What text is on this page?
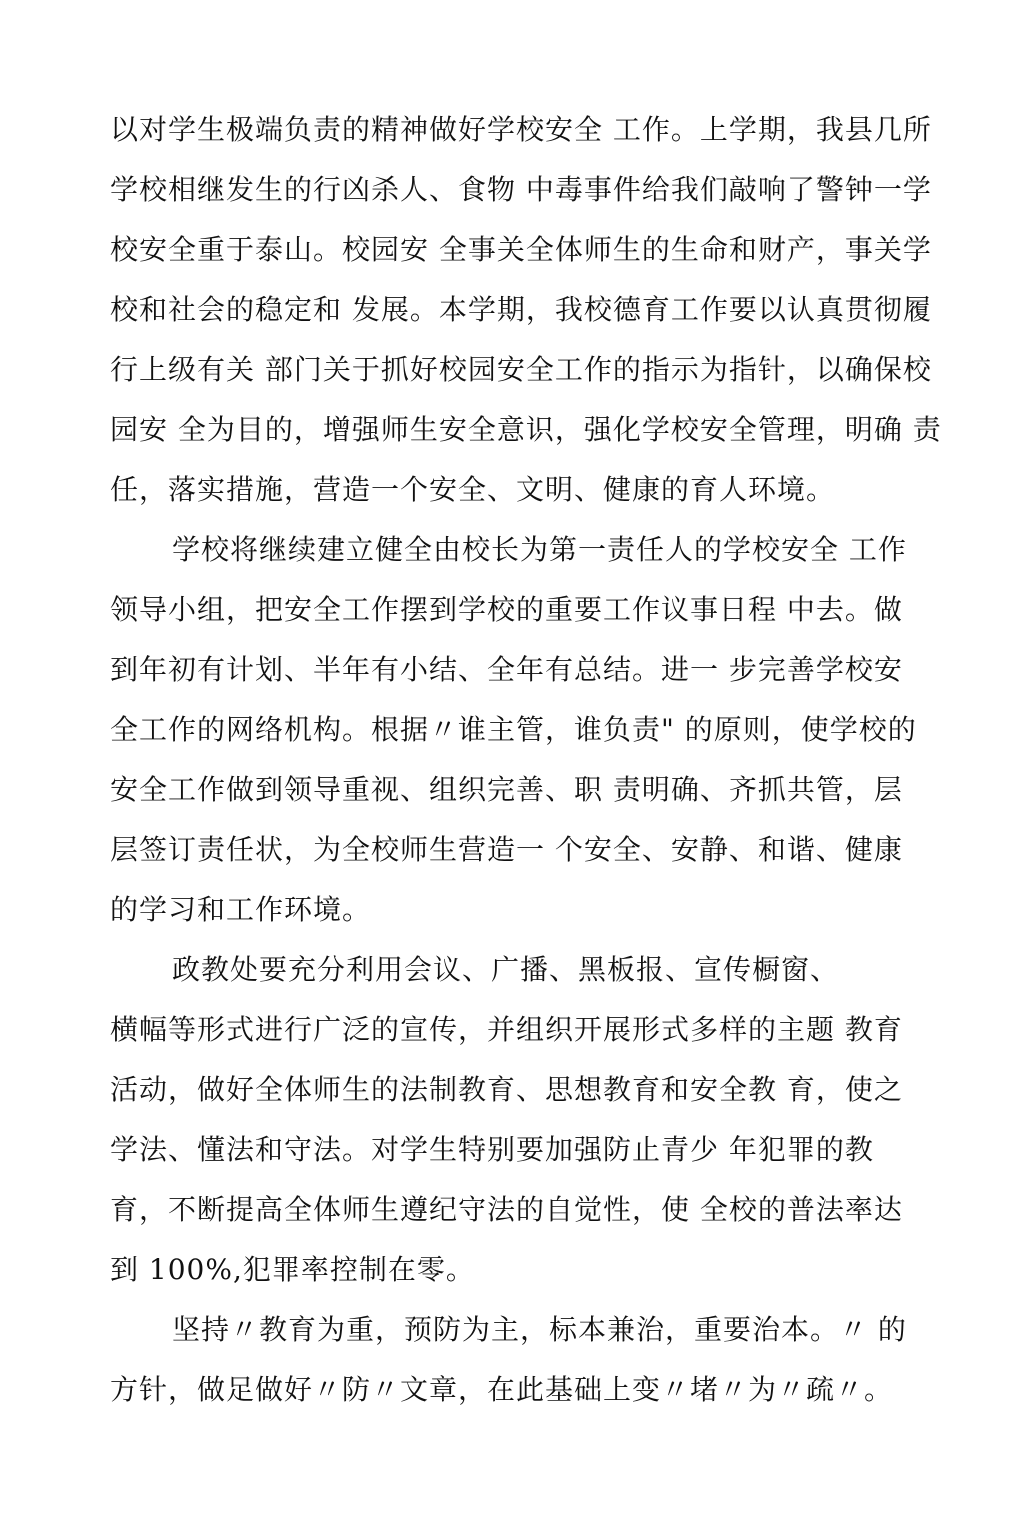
以对学生极端负责的精神做好学校安全 工作。上学期，我县几所
学校相继发生的行凶杀人、食物 中毒事件给我们敲响了警钟一学
校安全重于泰山。校园安 全事关全体师生的生命和财产，事关学
校和社会的稳定和 发展。本学期，我校德育工作要以认真贯彻履
行上级有关 部门关于抓好校园安全工作的指示为指针，以确保校
园安 全为目的，增强师生安全意识，强化学校安全管理，明确 责
任，落实措施，营造一个安全、文明、健康的育人环境。
学校将继续建立健全由校长为第一责任人的学校安全 工作
领导小组，把安全工作摆到学校的重要工作议事日程 中去。做
到年初有计划、半年有小结、全年有总结。进一 步完善学校安
全工作的网络机构。根据〃谁主管，谁负责" 的原则，使学校的
安全工作做到领导重视、组织完善、职 责明确、齐抓共管，层
层签订责任状，为全校师生营造一 个安全、安静、和谐、健康
的学习和工作环境。
政教处要充分利用会议、广播、黑板报、宣传橱窗、
横幅等形式进行广泛的宣传，并组织开展形式多样的主题 教育
活动，做好全体师生的法制教育、思想教育和安全教 育，使之
学法、懂法和守法。对学生特别要加强防止青少 年犯罪的教
育，不断提高全体师生遵纪守法的自觉性，使 全校的普法率达
到 100%,犯罪率控制在零。
坚持〃教育为重，预防为主，标本兼治，重要治本。〃 的
方针，做足做好〃防〃文章，在此基础上变〃堵〃为〃疏〃。
